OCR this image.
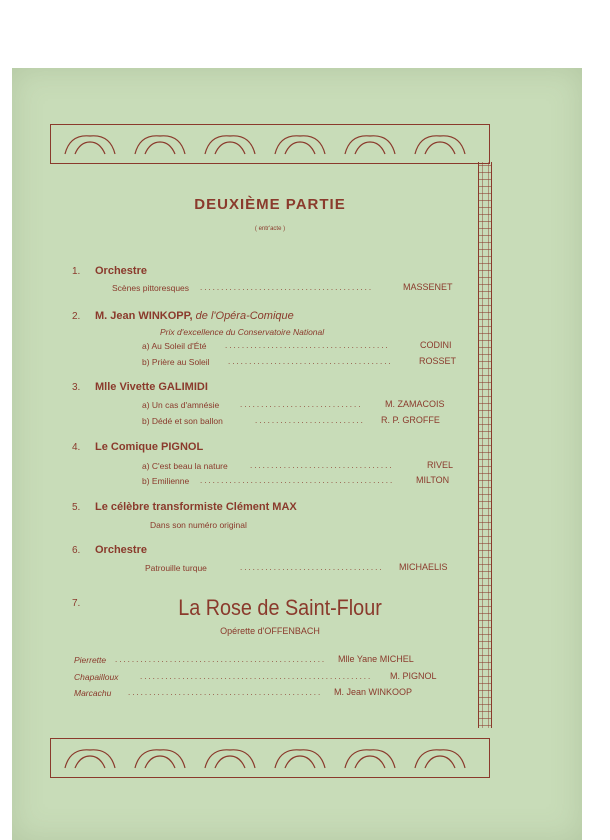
DEUXIÈME PARTIE
( entr'acte )
1. Orchestre
Scènes pittoresques .........................................	MASSENET
2. M. Jean WINKOPP, de l'Opéra-Comique
Prix d'excellence du Conservatoire National
a) Au Soleil d'Été .......................................	CODINI
b) Prière au Soleil .......................................	ROSSET
3. Mlle Vivette GALIMIDI
a) Un cas d'amnésie	.............................	M. ZAMACOIS
b) Dédé et son ballon	..........................	R. P. GROFFE
4. Le Comique PIGNOL
a) C'est beau la nature	..................................	RIVEL
b) Emilienne ..............................................	MILTON
5. Le célèbre transformiste Clément MAX
Dans son numéro original
6. Orchestre
Patrouille turque	..................................	MICHAELIS
7.	La Rose de Saint-Flour
Opérette d'OFFENBACH
Pierrette ..................................................	Mlle Yane MICHEL
Chapailloux	.......................................................	M. PIGNOL
Marcachu ..............................................	M. Jean WINKOOP
